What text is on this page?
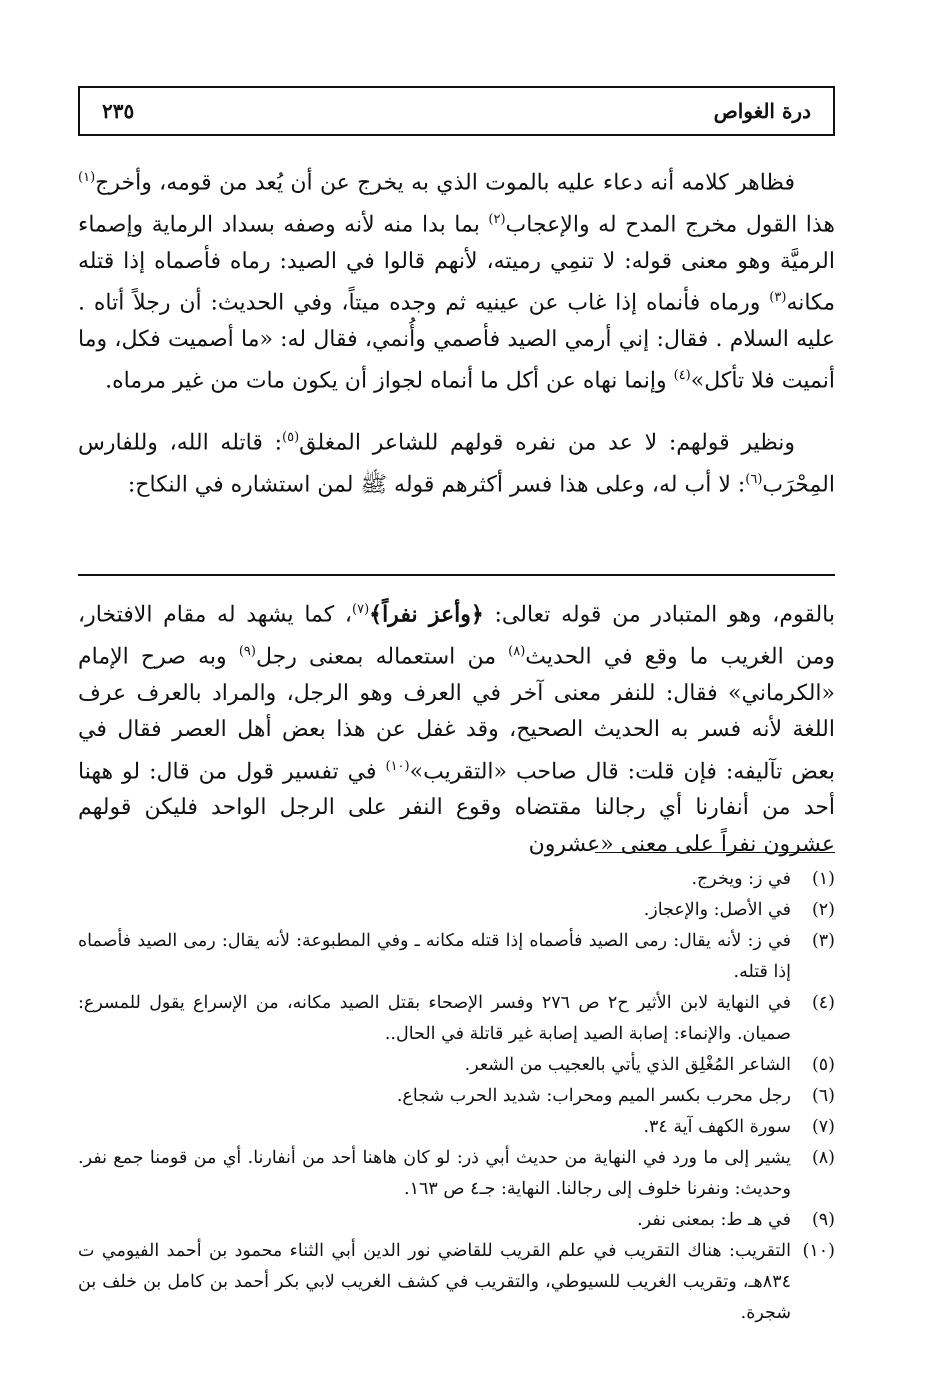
درة الغواص
٢٣٥

فظاهر كلامه أنه دعاء عليه بالموت الذي به يخرج عن أن يُعد من قومه، وأخرج$^{(١)}$ هذا القول مخرج المدح له والإعجاب$^{(٢)}$ بما بدا منه لأنه وصفه بسداد الرماية وإصماء الرميَّة وهو معنى قوله: لا تنمِي رميته، لأنهم قالوا في الصيد: رماه فأصماه إذا قتله مكانه$^{(٣)}$ ورماه فأنماه إذا غاب عن عينيه ثم وجده ميتاً، وفي الحديث: أن رجلاً أتاه . عليه السلام . فقال: إني أرمي الصيد فأصمي وأُنمي، فقال له: «ما أصميت فكل، وما أنميت فلا تأكل»$^{(٤)}$ وإنما نهاه عن أكل ما أنماه لجواز أن يكون مات من غير مرماه.

ونظير قولهم: لا عد من نفره قولهم للشاعر المغلق$^{(٥)}$: قاتله الله، وللفارس المِحْرَب$^{(٦)}$: لا أب له، وعلى هذا فسر أكثرهم قوله ﷺ لمن استشاره في النكاح:

بالقوم، وهو المتبادر من قوله تعالى: ﴿وأعز نفراً﴾$^{(٧)}$، كما يشهد له مقام الافتخار، ومن الغريب ما وقع في الحديث$^{(٨)}$ من استعماله بمعنى رجل$^{(٩)}$ وبه صرح الإمام «الكرماني» فقال: للنفر معنى آخر في العرف وهو الرجل، والمراد بالعرف عرف اللغة لأنه فسر به الحديث الصحيح، وقد غفل عن هذا بعض أهل العصر فقال في بعض تآليفه: فإن قلت: قال صاحب «التقريب»$^{(١٠)}$ في تفسير قول من قال: لو ههنا أحد من أنفارنا أي رجالنا مقتضاه وقوع النفر على الرجل الواحد فليكن قولهم عشرون نفراً على معنى «عشرون

(١)
في ز: ويخرج.
(٢)
في الأصل: والإعجاز.
(٣)
في ز: لأنه يقال: رمى الصيد فأصماه إذا قتله مكانه ـ وفي المطبوعة: لأنه يقال: رمى الصيد فأصماه إذا قتله.
(٤)
في النهاية لابن الأثير ح٢ ص ٢٧٦ وفسر الإصحاء بقتل الصيد مكانه، من الإسراع يقول للمسرع: صميان. والإنماء: إصابة الصيد إصابة غير قاتلة في الحال..
(٥)
الشاعر المُغْلِق الذي يأتي بالعجيب من الشعر.
(٦)
رجل محرب بكسر الميم ومحراب: شديد الحرب شجاع.
(٧)
سورة الكهف آية ٣٤.
(٨)
يشير إلى ما ورد في النهاية من حديث أبي ذر: لو كان هاهنا أحد من أنفارنا. أي من قومنا جمع نفر. وحديث: ونفرنا خلوف إلى رجالنا. النهاية: جـ٤ ص ١٦٣.
(٩)
في هـ ط: بمعنى نفر.
(١٠)
التقريب: هناك التقريب في علم القريب للقاضي نور الدين أبي الثناء محمود بن أحمد الفيومي ت ٨٣٤هـ، وتقريب الغريب للسيوطي، والتقريب في كشف الغريب لابي بكر أحمد بن كامل بن خلف بن شجرة.
